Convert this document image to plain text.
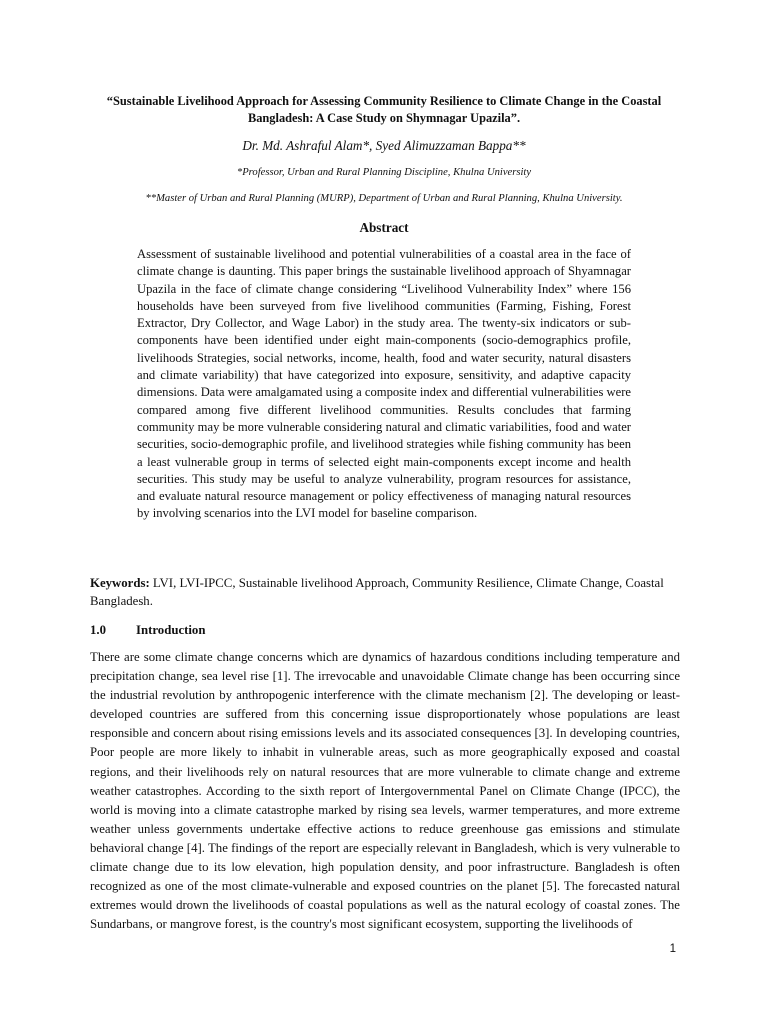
“Sustainable Livelihood Approach for Assessing Community Resilience to Climate Change in the Coastal Bangladesh: A Case Study on Shymnagar Upazila”.
Dr. Md. Ashraful Alam*, Syed Alimuzzaman Bappa**
*Professor, Urban and Rural Planning Discipline, Khulna University
**Master of Urban and Rural Planning (MURP), Department of Urban and Rural Planning, Khulna University.
Abstract
Assessment of sustainable livelihood and potential vulnerabilities of a coastal area in the face of climate change is daunting. This paper brings the sustainable livelihood approach of Shyamnagar Upazila in the face of climate change considering “Livelihood Vulnerability Index” where 156 households have been surveyed from five livelihood communities (Farming, Fishing, Forest Extractor, Dry Collector, and Wage Labor) in the study area. The twenty-six indicators or sub-components have been identified under eight main-components (socio-demographics profile, livelihoods Strategies, social networks, income, health, food and water security, natural disasters and climate variability) that have categorized into exposure, sensitivity, and adaptive capacity dimensions. Data were amalgamated using a composite index and differential vulnerabilities were compared among five different livelihood communities. Results concludes that farming community may be more vulnerable considering natural and climatic variabilities, food and water securities, socio-demographic profile, and livelihood strategies while fishing community has been a least vulnerable group in terms of selected eight main-components except income and health securities. This study may be useful to analyze vulnerability, program resources for assistance, and evaluate natural resource management or policy effectiveness of managing natural resources by involving scenarios into the LVI model for baseline comparison.
Keywords: LVI, LVI-IPCC, Sustainable livelihood Approach, Community Resilience, Climate Change, Coastal Bangladesh.
1.0 Introduction
There are some climate change concerns which are dynamics of hazardous conditions including temperature and precipitation change, sea level rise [1]. The irrevocable and unavoidable Climate change has been occurring since the industrial revolution by anthropogenic interference with the climate mechanism [2]. The developing or least-developed countries are suffered from this concerning issue disproportionately whose populations are least responsible and concern about rising emissions levels and its associated consequences [3]. In developing countries, Poor people are more likely to inhabit in vulnerable areas, such as more geographically exposed and coastal regions, and their livelihoods rely on natural resources that are more vulnerable to climate change and extreme weather catastrophes. According to the sixth report of Intergovernmental Panel on Climate Change (IPCC), the world is moving into a climate catastrophe marked by rising sea levels, warmer temperatures, and more extreme weather unless governments undertake effective actions to reduce greenhouse gas emissions and stimulate behavioral change [4]. The findings of the report are especially relevant in Bangladesh, which is very vulnerable to climate change due to its low elevation, high population density, and poor infrastructure. Bangladesh is often recognized as one of the most climate-vulnerable and exposed countries on the planet [5]. The forecasted natural extremes would drown the livelihoods of coastal populations as well as the natural ecology of coastal zones. The Sundarbans, or mangrove forest, is the country's most significant ecosystem, supporting the livelihoods of
1
